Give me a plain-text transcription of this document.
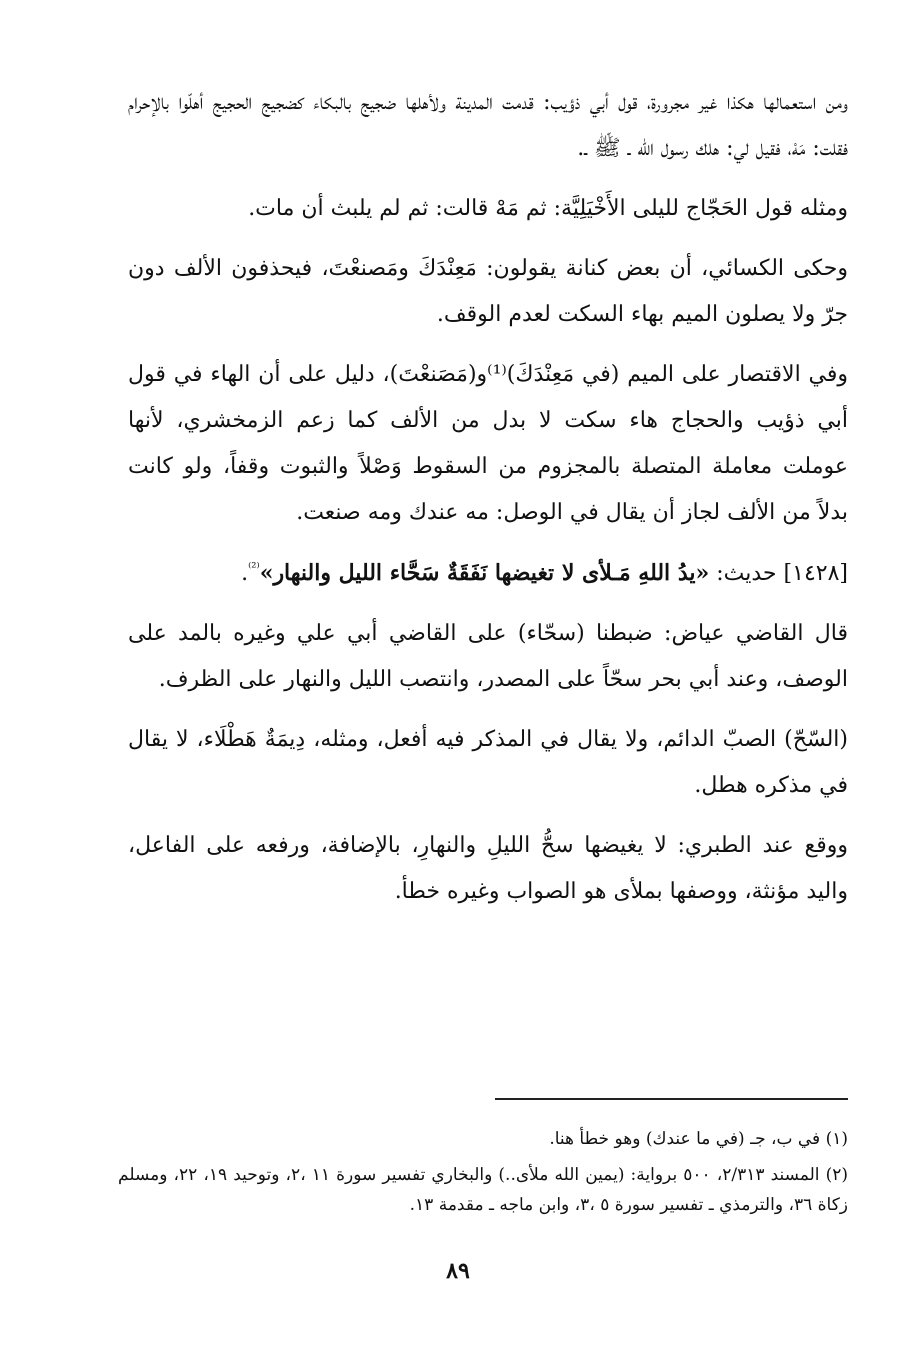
ومن استعمالها هكذا غير مجرورة، قول أبي ذؤيب: قدمت المدينة ولأهلها ضجيج بالبكاء كضجيج الحجيج أهلّوا بالإحرام فقلت: مَهْ، فقيل لي: هلك رسول الله ـ ﷺ ـ.

ومثله قول الحَجّاج لليلى الأَخْيَلِيَّة: ثم مَهْ قالت: ثم لم يلبث أن مات.

وحكى الكسائي، أن بعض كنانة يقولون: مَعِنْدَكَ ومَصنعْتَ، فيحذفون الألف دون جرّ ولا يصلون الميم بهاء السكت لعدم الوقف.

وفي الاقتصار على الميم (في مَعِنْدَكَ)⁽¹⁾و(مَصَنعْتَ)، دليل على أن الهاء في قول أبي ذؤيب والحجاج هاء سكت لا بدل من الألف كما زعم الزمخشري، لأنها عوملت معاملة المتصلة بالمجزوم من السقوط وَصْلاً والثبوت وقفاً، ولو كانت بدلاً من الألف لجاز أن يقال في الوصل: مه عندك ومه صنعت.

[١٤٢٨] حديث: «يدُ اللهِ مَـلأى لا تغيضها نَفَقَةٌ سَحَّاء الليل والنهار»$^{^{(2)}}$.

قال القاضي عياض: ضبطنا (سحّاء) على القاضي أبي علي وغيره بالمد على الوصف، وعند أبي بحر سحّاً على المصدر، وانتصب الليل والنهار على الظرف.

(السّحّ) الصبّ الدائم، ولا يقال في المذكر فيه أفعل، ومثله، دِيمَةٌ هَطْلَاء، لا يقال في مذكره هطل.

ووقع عند الطبري: لا يغيضها سحُّ الليلِ والنهارِ، بالإضافة، ورفعه على الفاعل، واليد مؤنثة، ووصفها بملأى هو الصواب وغيره خطأ.

(١) في ب، جـ (في ما عندك) وهو خطأ هنا.

(٢) المسند ٢/٣١٣، ٥٠٠ برواية: (يمين الله ملأى..) والبخاري تفسير سورة ١١ ،٢، وتوحيد ١٩، ٢٢، ومسلم زكاة ٣٦، والترمذي ـ تفسير سورة ٥ ،٣، وابن ماجه ـ مقدمة ١٣.

٨٩
